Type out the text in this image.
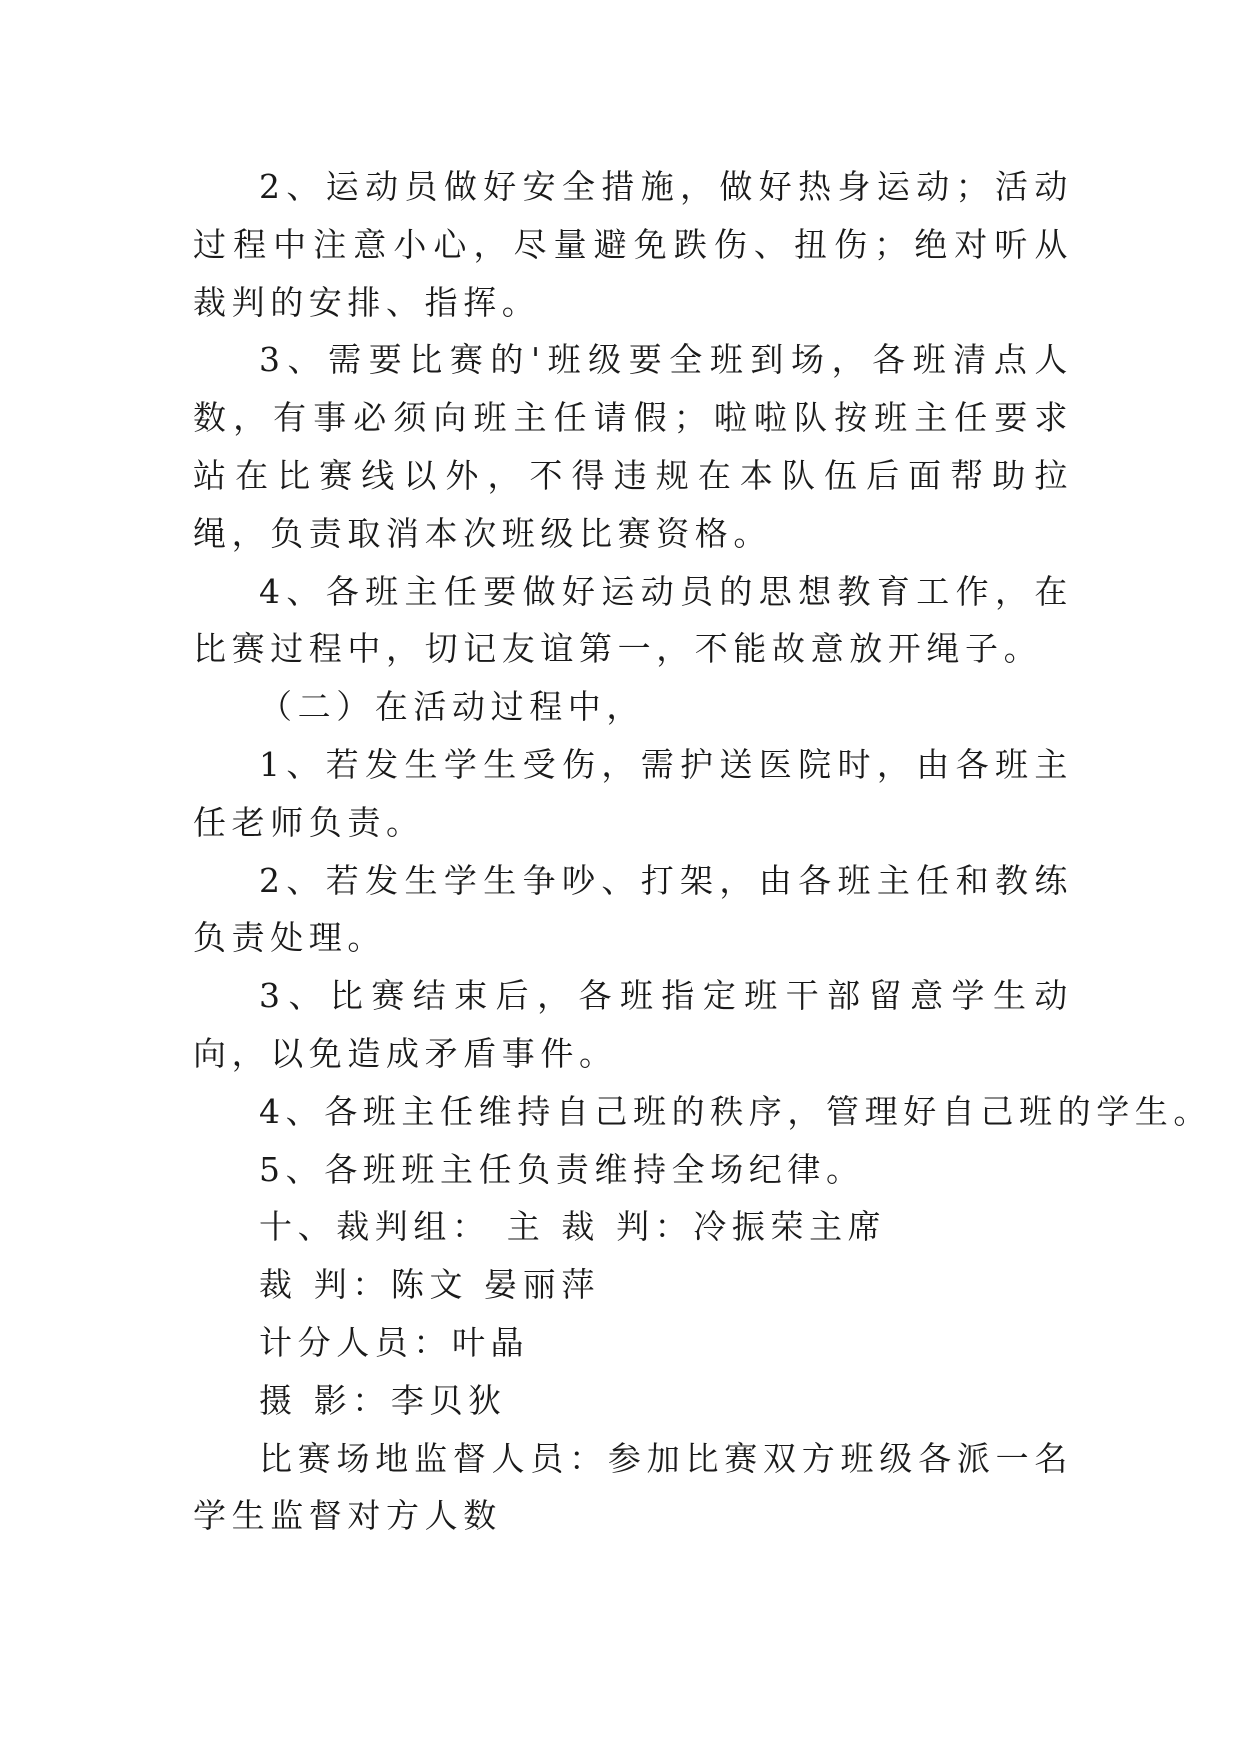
2、运动员做好安全措施，做好热身运动；活动过程中注意小心，尽量避免跌伤、扭伤；绝对听从裁判的安排、指挥。

3、需要比赛的'班级要全班到场，各班清点人数，有事必须向班主任请假；啦啦队按班主任要求站在比赛线以外，不得违规在本队伍后面帮助拉绳，负责取消本次班级比赛资格。

4、各班主任要做好运动员的思想教育工作，在比赛过程中，切记友谊第一，不能故意放开绳子。

（二）在活动过程中，

1、若发生学生受伤，需护送医院时，由各班主任老师负责。

2、若发生学生争吵、打架，由各班主任和教练负责处理。

3、比赛结束后，各班指定班干部留意学生动向，以免造成矛盾事件。

4、各班主任维持自己班的秩序，管理好自己班的学生。

5、各班班主任负责维持全场纪律。

十、裁判组： 主 裁 判：冷振荣主席

裁 判：陈文 晏丽萍

计分人员：叶晶

摄 影：李贝狄

比赛场地监督人员：参加比赛双方班级各派一名学生监督对方人数
